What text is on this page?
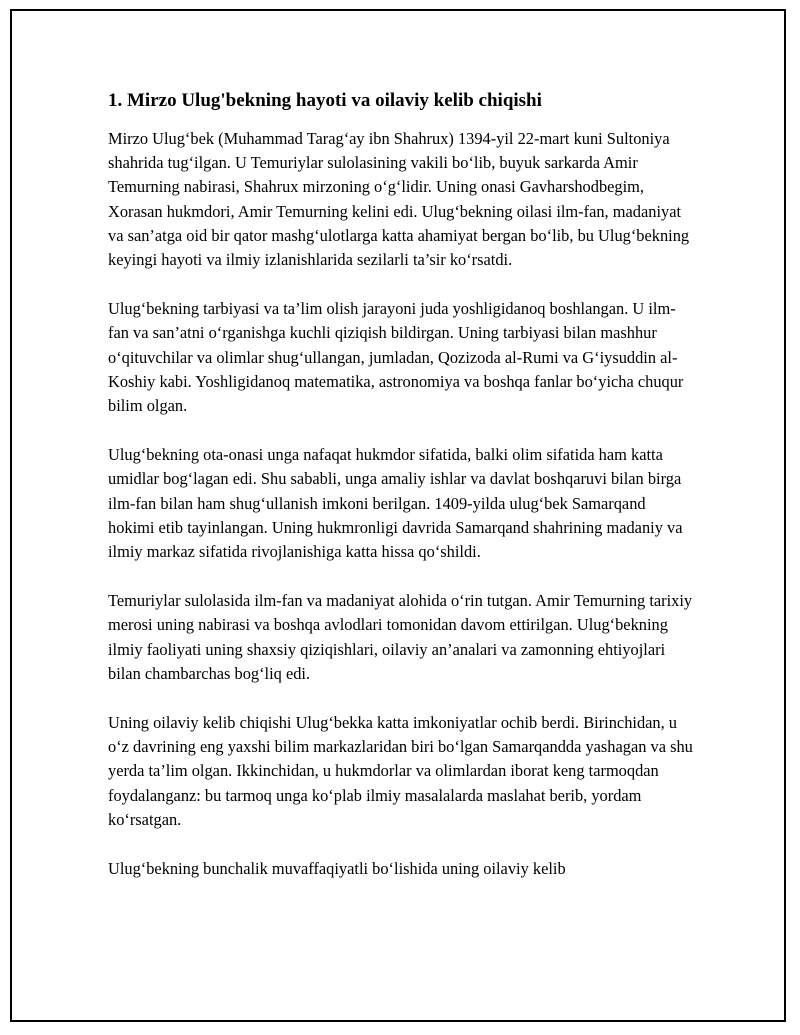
1. Mirzo Ulug'bekning hayoti va oilaviy kelib chiqishi

Mirzo Ulug‘bek (Muhammad Tarag‘ay ibn Shahrux) 1394-yil 22-mart kuni Sultoniya shahrida tug‘ilgan. U Temuriylar sulolasining vakili bo‘lib, buyuk sarkarda Amir Temurning nabirasi, Shahrux mirzoning o‘g‘lidir. Uning onasi Gavharshodbegim, Xorasan hukmdori, Amir Temurning kelini edi. Ulug‘bekning oilasi ilm-fan, madaniyat va san’atga oid bir qator mashg‘ulotlarga katta ahamiyat bergan bo‘lib, bu Ulug‘bekning keyingi hayoti va ilmiy izlanishlarida sezilarli ta’sir ko‘rsatdi.

Ulug‘bekning tarbiyasi va ta’lim olish jarayoni juda yoshligidanoq boshlangan. U ilm-fan va san’atni o‘rganishga kuchli qiziqish bildirgan. Uning tarbiyasi bilan mashhur o‘qituvchilar va olimlar shug‘ullangan, jumladan, Qozizoda al-Rumi va G‘iysuddin al-Koshiy kabi. Yoshligidanoq matematika, astronomiya va boshqa fanlar bo‘yicha chuqur bilim olgan.

Ulug‘bekning ota-onasi unga nafaqat hukmdor sifatida, balki olim sifatida ham katta umidlar bog‘lagan edi. Shu sababli, unga amaliy ishlar va davlat boshqaruvi bilan birga ilm-fan bilan ham shug‘ullanish imkoni berilgan. 1409-yilda ulug‘bek Samarqand hokimi etib tayinlangan. Uning hukmronligi davrida Samarqand shahrining madaniy va ilmiy markaz sifatida rivojlanishiga katta hissa qo‘shildi.

Temuriylar sulolasida ilm-fan va madaniyat alohida o‘rin tutgan. Amir Temurning tarixiy merosi uning nabirasi va boshqa avlodlari tomonidan davom ettirilgan. Ulug‘bekning ilmiy faoliyati uning shaxsiy qiziqishlari, oilaviy an’analari va zamonning ehtiyojlari bilan chambarchas bog‘liq edi.

Uning oilaviy kelib chiqishi Ulug‘bekka katta imkoniyatlar ochib berdi. Birinchidan, u o‘z davrining eng yaxshi bilim markazlaridan biri bo‘lgan Samarqandda yashagan va shu yerda ta’lim olgan. Ikkinchidan, u hukmdorlar va olimlardan iborat keng tarmoqdan foydalanganz: bu tarmoq unga ko‘plab ilmiy masalalarda maslahat berib, yordam ko‘rsatgan.

Ulug‘bekning bunchalik muvaffaqiyatli bo‘lishida uning oilaviy kelib
